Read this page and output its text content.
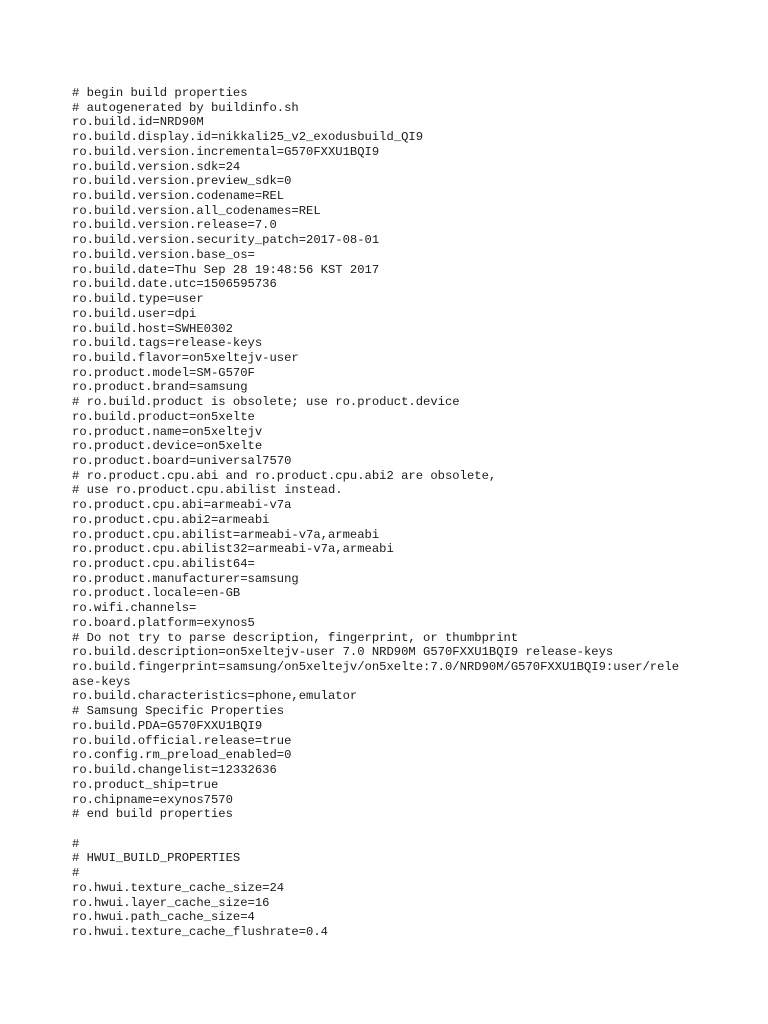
# begin build properties
# autogenerated by buildinfo.sh
ro.build.id=NRD90M
ro.build.display.id=nikkali25_v2_exodusbuild_QI9
ro.build.version.incremental=G570FXXU1BQI9
ro.build.version.sdk=24
ro.build.version.preview_sdk=0
ro.build.version.codename=REL
ro.build.version.all_codenames=REL
ro.build.version.release=7.0
ro.build.version.security_patch=2017-08-01
ro.build.version.base_os=
ro.build.date=Thu Sep 28 19:48:56 KST 2017
ro.build.date.utc=1506595736
ro.build.type=user
ro.build.user=dpi
ro.build.host=SWHE0302
ro.build.tags=release-keys
ro.build.flavor=on5xeltejv-user
ro.product.model=SM-G570F
ro.product.brand=samsung
# ro.build.product is obsolete; use ro.product.device
ro.build.product=on5xelte
ro.product.name=on5xeltejv
ro.product.device=on5xelte
ro.product.board=universal7570
# ro.product.cpu.abi and ro.product.cpu.abi2 are obsolete,
# use ro.product.cpu.abilist instead.
ro.product.cpu.abi=armeabi-v7a
ro.product.cpu.abi2=armeabi
ro.product.cpu.abilist=armeabi-v7a,armeabi
ro.product.cpu.abilist32=armeabi-v7a,armeabi
ro.product.cpu.abilist64=
ro.product.manufacturer=samsung
ro.product.locale=en-GB
ro.wifi.channels=
ro.board.platform=exynos5
# Do not try to parse description, fingerprint, or thumbprint
ro.build.description=on5xeltejv-user 7.0 NRD90M G570FXXU1BQI9 release-keys
ro.build.fingerprint=samsung/on5xeltejv/on5xelte:7.0/NRD90M/G570FXXU1BQI9:user/rele
ase-keys
ro.build.characteristics=phone,emulator
# Samsung Specific Properties
ro.build.PDA=G570FXXU1BQI9
ro.build.official.release=true
ro.config.rm_preload_enabled=0
ro.build.changelist=12332636
ro.product_ship=true
ro.chipname=exynos7570
# end build properties
#
# HWUI_BUILD_PROPERTIES
#
ro.hwui.texture_cache_size=24
ro.hwui.layer_cache_size=16
ro.hwui.path_cache_size=4
ro.hwui.texture_cache_flushrate=0.4
